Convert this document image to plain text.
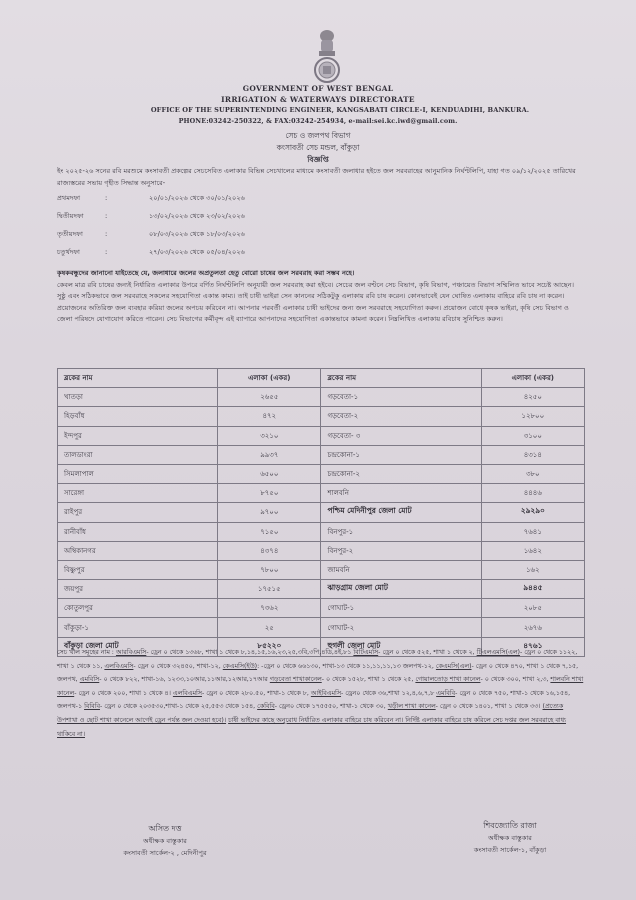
GOVERNMENT OF WEST BENGAL
IRRIGATION & WATERWAYS DIRECTORATE
OFFICE OF THE SUPERINTENDING ENGINEER, KANGSABATI CIRCLE-I, KENDUADIHI, BANKURA.
PHONE:03242-250322, & FAX:03242-254934, e-mail:sei.kc.iwd@gmail.com.
সেচ ও জলপথ বিভাগ
কংসাবতী সেচ মন্ডল, বাঁকুড়া
বিজ্ঞপ্তি
ইং ২০২৫-২৬ সনের রবি মরশুমে কংসাবতী প্রকল্পের সেচসেবিত এলাকার বিভিন্ন সেচখালের মাধ্যমে কংসাবতী জলাধার হইতে জল সরবরাহের আনুমানিক নির্ঘণ্টলিপি, যাহা গত ০৯/১২/২০২৫ তারিখের রাজ্যস্তরের সভায় গৃহীত সিদ্ধান্ত অনুসারে-
প্রথমদফা	:	২০/০১/২০২৬ থেকে ৩০/০১/২০২৬
দ্বিতীয়দফা	:	১৩/০২/২০২৬ থেকে ২৩/০২/২০২৬
তৃতীয়দফা	:	০৮/০৩/২০২৬ থেকে ১৮/০৩/২০২৬
চতুর্থদফা	:	২৭/০৩/২০২৬ থেকে ০৫/০৪/২০২৬
কৃষকবন্ধুদের জানানো যাইতেছে যে, জলাধারে জলের অপ্রতুলতা হেতু বোরো চাষের জল সরবরাহ করা সম্ভব নহে।
কেবল মাত্র রবি চাষের জন্যই নির্ধারিত এলাকার উপরে বর্ণিত নির্ঘণ্টলিপি অনুযায়ী জল সরবরাহ করা হইবে। সেচের জল বণ্টনে সেচ বিভাগ, কৃষি বিভাগ, পঞ্চায়েত বিভাগ সম্মিলিত ভাবে সচেষ্ট আছেন। সুষ্ঠু এবং সঠিকভাবে জল সরবরাহে সকলের সহযোগিতা একান্ত কাম্য। তাই চাষী ভাইরা সেন কাননের সঠিকটুকু এলাকায় রবি চাষ করেন। কোনভাবেই যেন ঘোষিত এলাকায় বাহিরে রবি চাষ না করেন। প্রয়োজনের অতিরিক্ত জল ব্যবহার করিয়া জলের অপচয় করিবেন না। আপনার পরবর্তী এলাকার চাষী ভাইদের জন্য জল সরবরাহে সহযোগিতা করুন। প্রয়োজন বোধে কৃষক ভাইরা, কৃষি সেচ বিভাগ ও জেলা পরিষদে যোগাযোগ করিতে পারেন। সেচ বিভাগের কর্মীবৃন্দ এই ব্যাপারে আপনাদের সহযোগিতা একান্তভাবে কামনা করেন। নিম্নলিখিত এলাকায় রবিচাষ সুনিশ্চিত করুন।
ব্লকের নাম	এলাকা (একর)	ব্লকের নাম	এলাকা (একর)
খাতড়া	২৬৫৫	গড়বেতা-১	৪২৫০
হিড়বাঁধ	৪৭২	গড়বেতা-২	১২৮০০
ইন্দপুর	৩২১০	গড়বেতা- ৩	৩১০০
তালডাংরা	৯৯৩৭	চন্দ্রকোনা-১	৪৩১৪
সিমলাপাল	৬৫০০	চন্দ্রকোনা-২	৩৮০
সারেঙ্গা	৮৭৫০	শালবনি	৪৪৪৬
রাইপুর	৯৭০০	পশ্চিম মেদিনীপুর জেলা মোট	২৯২৯০
রানীবাঁধ	৭১৫০	বিনপুর-১	৭৬৪১
অম্বিকানগর	৪৩৭৪	বিনপুর-২	১৬৪২
বিষ্ণুপুর	৭৮০০	জামবনি	১৬২
জয়পুর	১৭৫১৫	ঝাড়গ্রাম জেলা মোট	৯৪৪৫
কোতুলপুর	৭৩৬২	গোঘাট-১	২০৮৫
বাঁকুড়া-১	২৫	গোঘাট-২	২৬৭৬
বাঁকুড়া জেলা মোট	৮৫২২০	হুগলী জেলা মোট	৪৭৬১
সেচ খাল সমূহের নাম : আরবিএমসি- ড্রেন ০ থেকে ১৩৬৮, শাখা ১ থেকে ৮,১৪,১৫,১৬,২৩,২৫,৩বি,৩পি,৪ডি,৪ই,৮১ বিটিএমসি- ড্রেন ০ থেকে ৫২৫, শাখা ১ থেকে ২, টিএলএমসি(এল)- ড্রেন ০ থেকে ১১২২, শাখা ১ থেকে ১১, এলবিএমসি- ড্রেন ০ থেকে ৩২৪৫০, শাখা-১২, কেএমসি(ইউ): -ড্রেন ০ থেকে ৬৬১৩০, শাখা-১৩ থেকে ১১,১১,১১,১৩ জলপথ-১২, কেএমসি(এল)- ড্রেন ০ থেকে ৪৭০, শাখা ১ থেকে ৭,১৫, জলপথ, এমবিসি- ০ থেকে ৮২২, শাখা-১৬, ১২৩৩,১০আর,১১আর,১২আর,১৭আর গড়বেতা শাখাকানেল- ০ থেকে ১৫২৮, শাখা ১ থেকে ২৫, গোয়ালতোড় শাখা কানেল- ০ থেকে ৩০০, শাখা ২,৩, শালবনি শাখা কানেল- ড্রেন ০ থেকে ২০০, শাখা ১ থেকে ৪। এলবিএমসি- ড্রেন ০ থেকে ২৮০.৫০, শাখা-১ থেকে ৮, আইবিএমসি- ড্রেন০ থেকে ৩৬,শাখা ১২,৪,৬,৭,৮ এমবিবি- ড্রেন ০ থেকে ৭৫০, শাখা-১ থেকে ১৬,১৫৪, জলপথ-১ বিবিবি- ড্রেন ০ থেকে ২০৩৫৩০,শাখা-১ থেকে ২৫,৫৫৩ থেকে ১৫৪, কেবিবি- ড্রেন০ থেকে ১৭৫৫৫০, শাখা-১ থেকে ৩০, খড়ীল শাখা কানেল- ড্রেন ০ থেকে ১৪০১, শাখা ১ থেকে ৩৩। (প্রত্যেক উপশাখা ও ছোট শাখা কানেলে আগেই ড্রেন পর্যন্ত জল দেওয়া হবে)। চাষী ভাইদের কাছে অনুরোধ নির্ধারিত এলাকার বাহিরে চাষ করিবেন না। নির্দিষ্ট এলাকার বাহিরে চাষ করিলে সেচ দপ্তর জল সরবরাহে বাধ্য থাকিবে না।
অসিত দত্ত
অধীক্ষক বাস্তুকার
কংসাবতী সার্কেল-২ , মেদিনীপুর
শিবজ্যোতি রাজা
অধীক্ষক বাস্তুকার
কংসাবতী সার্কেল-১, বাঁকুড়া
